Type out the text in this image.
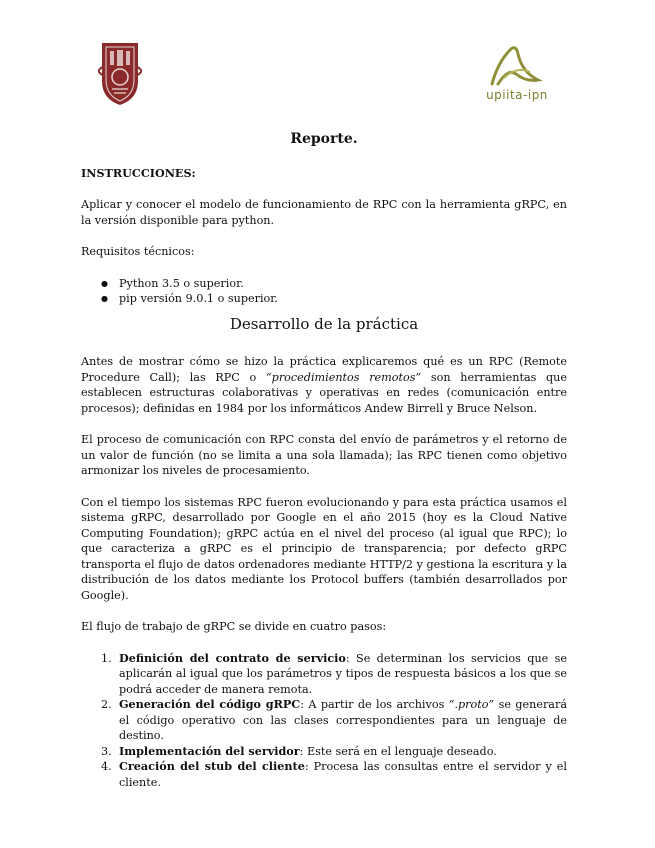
upiita-ipn
Reporte.
INSTRUCCIONES:

Aplicar y conocer el modelo de funcionamiento de RPC con la herramienta gRPC, en la versión disponible para python.

Requisitos técnicos:

● Python 3.5 o superior.
● pip versión 9.0.1 o superior.
Desarrollo de la práctica

Antes de mostrar cómo se hizo la práctica explicaremos qué es un RPC (Remote Procedure Call); las RPC o “procedimientos remotos” son herramientas que establecen estructuras colaborativas y operativas en redes (comunicación entre procesos); definidas en 1984 por los informáticos Andew Birrell y Bruce Nelson.

El proceso de comunicación con RPC consta del envío de parámetros y el retorno de un valor de función (no se limita a una sola llamada); las RPC tienen como objetivo armonizar los niveles de procesamiento.

Con el tiempo los sistemas RPC fueron evolucionando y para esta práctica usamos el sistema gRPC, desarrollado por Google en el año 2015 (hoy es la Cloud Native Computing Foundation); gRPC actúa en el nivel del proceso (al igual que RPC); lo que caracteriza a gRPC es el principio de transparencia; por defecto gRPC transporta el flujo de datos ordenadores mediante HTTP/2 y gestiona la escritura y la distribución de los datos mediante los Protocol buffers (también desarrollados por Google).

El flujo de trabajo de gRPC se divide en cuatro pasos:

Definición del contrato de servicio: Se determinan los servicios que se aplicarán al igual que los parámetros y tipos de respuesta básicos a los que se podrá acceder de manera remota.
Generación del código gRPC: A partir de los archivos “.proto” se generará el código operativo con las clases correspondientes para un lenguaje de destino.
Implementación del servidor: Este será en el lenguaje deseado.
Creación del stub del cliente: Procesa las consultas entre el servidor y el cliente.
